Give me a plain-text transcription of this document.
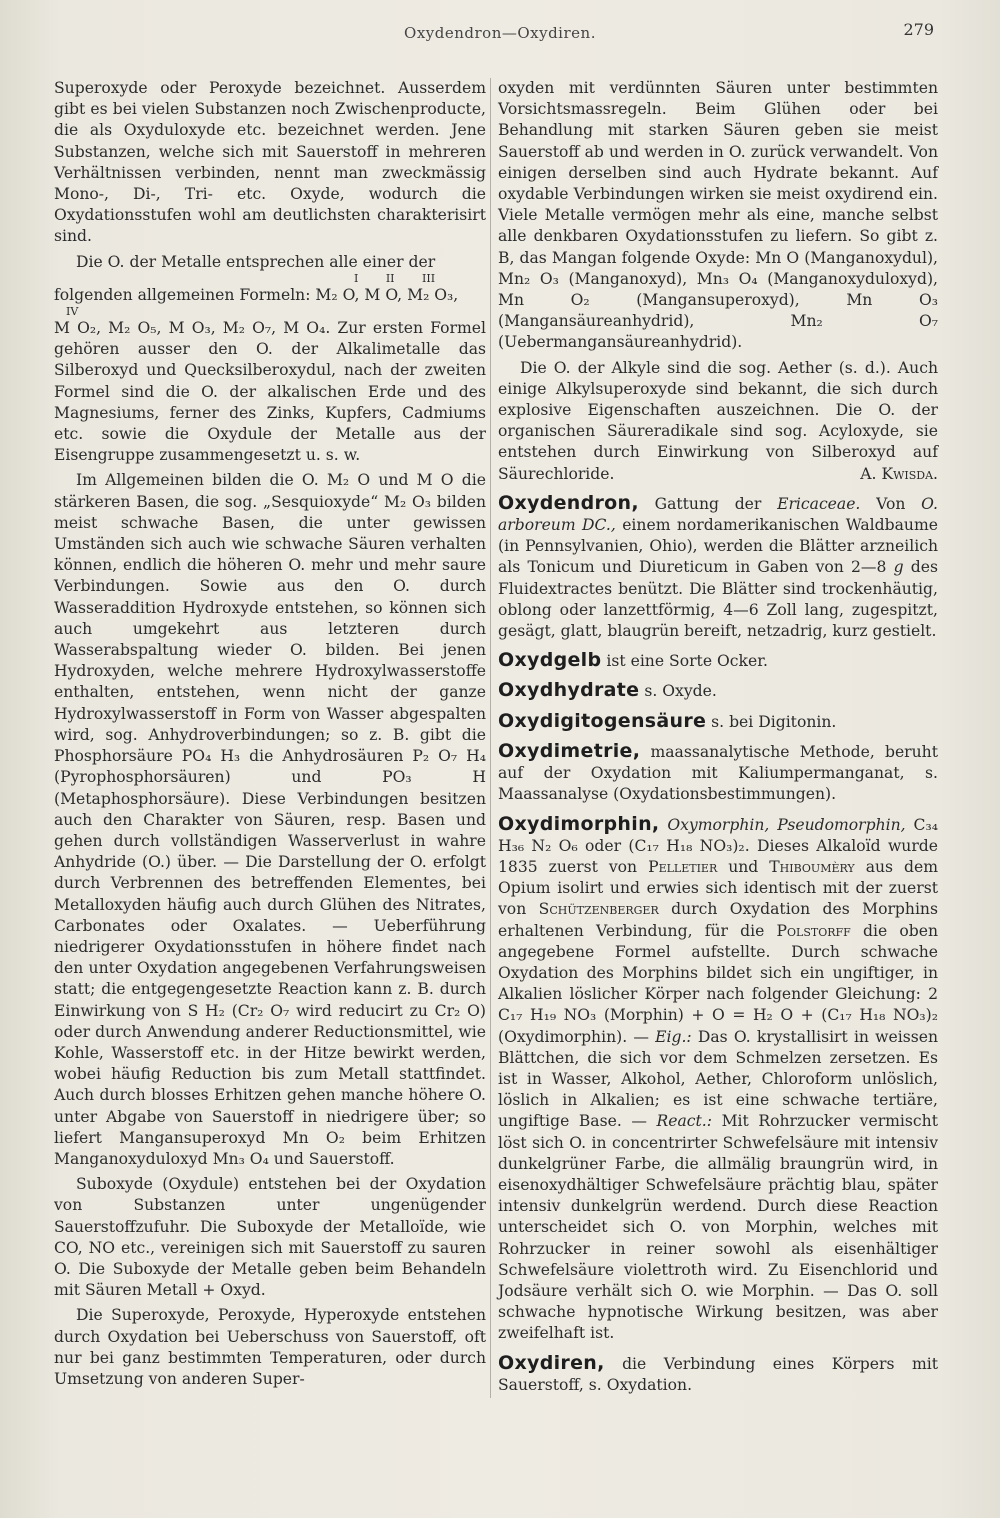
Oxydendron—Oxydiren.	279

Superoxyde oder Peroxyde bezeichnet. Ausserdem gibt es bei vielen Substanzen noch Zwischenproducte, die als Oxyduloxyde etc. bezeichnet werden. Jene Substanzen, welche sich mit Sauerstoff in mehreren Verhältnissen verbinden, nennt man zweckmässig Mono-, Di-, Tri- etc. Oxyde, wodurch die Oxydationsstufen wohl am deutlichsten charakterisirt sind.

Die O. der Metalle entsprechen alle einer der

I II III

folgenden allgemeinen Formeln: M₂ O, M O, M₂ O₃,

IV

M O₂, M₂ O₅, M O₃, M₂ O₇, M O₄. Zur ersten Formel gehören ausser den O. der Alkalimetalle das Silberoxyd und Quecksilberoxydul, nach der zweiten Formel sind die O. der alkalischen Erde und des Magnesiums, ferner des Zinks, Kupfers, Cadmiums etc. sowie die Oxydule der Metalle aus der Eisengruppe zusammengesetzt u. s. w.

Im Allgemeinen bilden die O. M₂ O und M O die stärkeren Basen, die sog. „Sesquioxyde“ M₂ O₃ bilden meist schwache Basen, die unter gewissen Umständen sich auch wie schwache Säuren verhalten können, endlich die höheren O. mehr und mehr saure Verbindungen. Sowie aus den O. durch Wasseraddition Hydroxyde entstehen, so können sich auch umgekehrt aus letzteren durch Wasserabspaltung wieder O. bilden. Bei jenen Hydroxyden, welche mehrere Hydroxylwasserstoffe enthalten, entstehen, wenn nicht der ganze Hydroxylwasserstoff in Form von Wasser abgespalten wird, sog. Anhydroverbindungen; so z. B. gibt die Phosphorsäure PO₄ H₃ die Anhydrosäuren P₂ O₇ H₄ (Pyrophosphorsäuren) und PO₃ H (Metaphosphorsäure). Diese Verbindungen besitzen auch den Charakter von Säuren, resp. Basen und gehen durch vollständigen Wasserverlust in wahre Anhydride (O.) über. — Die Darstellung der O. erfolgt durch Verbrennen des betreffenden Elementes, bei Metalloxyden häufig auch durch Glühen des Nitrates, Carbonates oder Oxalates. — Ueberführung niedrigerer Oxydationsstufen in höhere findet nach den unter Oxydation angegebenen Verfahrungsweisen statt; die entgegengesetzte Reaction kann z. B. durch Einwirkung von S H₂ (Cr₂ O₇ wird reducirt zu Cr₂ O) oder durch Anwendung anderer Reductionsmittel, wie Kohle, Wasserstoff etc. in der Hitze bewirkt werden, wobei häufig Reduction bis zum Metall stattfindet. Auch durch blosses Erhitzen gehen manche höhere O. unter Abgabe von Sauerstoff in niedrigere über; so liefert Mangansuperoxyd Mn O₂ beim Erhitzen Manganoxyduloxyd Mn₃ O₄ und Sauerstoff.

Suboxyde (Oxydule) entstehen bei der Oxydation von Substanzen unter ungenügender Sauerstoffzufuhr. Die Suboxyde der Metalloïde, wie CO, NO etc., vereinigen sich mit Sauerstoff zu sauren O. Die Suboxyde der Metalle geben beim Behandeln mit Säuren Metall + Oxyd.

Die Superoxyde, Peroxyde, Hyperoxyde entstehen durch Oxydation bei Ueberschuss von Sauerstoff, oft nur bei ganz bestimmten Temperaturen, oder durch Umsetzung von anderen Super-

oxyden mit verdünnten Säuren unter bestimmten Vorsichtsmassregeln. Beim Glühen oder bei Behandlung mit starken Säuren geben sie meist Sauerstoff ab und werden in O. zurück verwandelt. Von einigen derselben sind auch Hydrate bekannt. Auf oxydable Verbindungen wirken sie meist oxydirend ein. Viele Metalle vermögen mehr als eine, manche selbst alle denkbaren Oxydationsstufen zu liefern. So gibt z. B, das Mangan folgende Oxyde: Mn O (Manganoxydul), Mn₂ O₃ (Manganoxyd), Mn₃ O₄ (Manganoxyduloxyd), Mn O₂ (Mangansuperoxyd), Mn O₃ (Mangansäureanhydrid), Mn₂ O₇ (Uebermangansäureanhydrid).

Die O. der Alkyle sind die sog. Aether (s. d.). Auch einige Alkylsuperoxyde sind bekannt, die sich durch explosive Eigenschaften auszeichnen. Die O. der organischen Säureradikale sind sog. Acyloxyde, sie entstehen durch Einwirkung von Silberoxyd auf Säurechloride.	A. Kwisda.

Oxydendron, Gattung der Ericaceae. Von O. arboreum DC., einem nordamerikanischen Waldbaume (in Pennsylvanien, Ohio), werden die Blätter arzneilich als Tonicum und Diureticum in Gaben von 2—8 g des Fluidextractes benützt. Die Blätter sind trockenhäutig, oblong oder lanzettförmig, 4—6 Zoll lang, zugespitzt, gesägt, glatt, blaugrün bereift, netzadrig, kurz gestielt.

Oxydgelb ist eine Sorte Ocker.

Oxydhydrate s. Oxyde.

Oxydigitogensäure s. bei Digitonin.

Oxydimetrie, maassanalytische Methode, beruht auf der Oxydation mit Kaliumpermanganat, s. Maassanalyse (Oxydationsbestimmungen).

Oxydimorphin, Oxymorphin, Pseudomorphin, C₃₄ H₃₆ N₂ O₆ oder (C₁₇ H₁₈ NO₃)₂. Dieses Alkaloïd wurde 1835 zuerst von Pelletier und Thiboumèry aus dem Opium isolirt und erwies sich identisch mit der zuerst von Schützenberger durch Oxydation des Morphins erhaltenen Verbindung, für die Polstorff die oben angegebene Formel aufstellte. Durch schwache Oxydation des Morphins bildet sich ein ungiftiger, in Alkalien löslicher Körper nach folgender Gleichung: 2 C₁₇ H₁₉ NO₃ (Morphin) + O = H₂ O + (C₁₇ H₁₈ NO₃)₂ (Oxydimorphin). — Eig.: Das O. krystallisirt in weissen Blättchen, die sich vor dem Schmelzen zersetzen. Es ist in Wasser, Alkohol, Aether, Chloroform unlöslich, löslich in Alkalien; es ist eine schwache tertiäre, ungiftige Base. — React.: Mit Rohrzucker vermischt löst sich O. in concentrirter Schwefelsäure mit intensiv dunkelgrüner Farbe, die allmälig braungrün wird, in eisenoxydhältiger Schwefelsäure prächtig blau, später intensiv dunkelgrün werdend. Durch diese Reaction unterscheidet sich O. von Morphin, welches mit Rohrzucker in reiner sowohl als eisenhältiger Schwefelsäure violettroth wird. Zu Eisenchlorid und Jodsäure verhält sich O. wie Morphin. — Das O. soll schwache hypnotische Wirkung besitzen, was aber zweifelhaft ist.

Oxydiren, die Verbindung eines Körpers mit Sauerstoff, s. Oxydation.
